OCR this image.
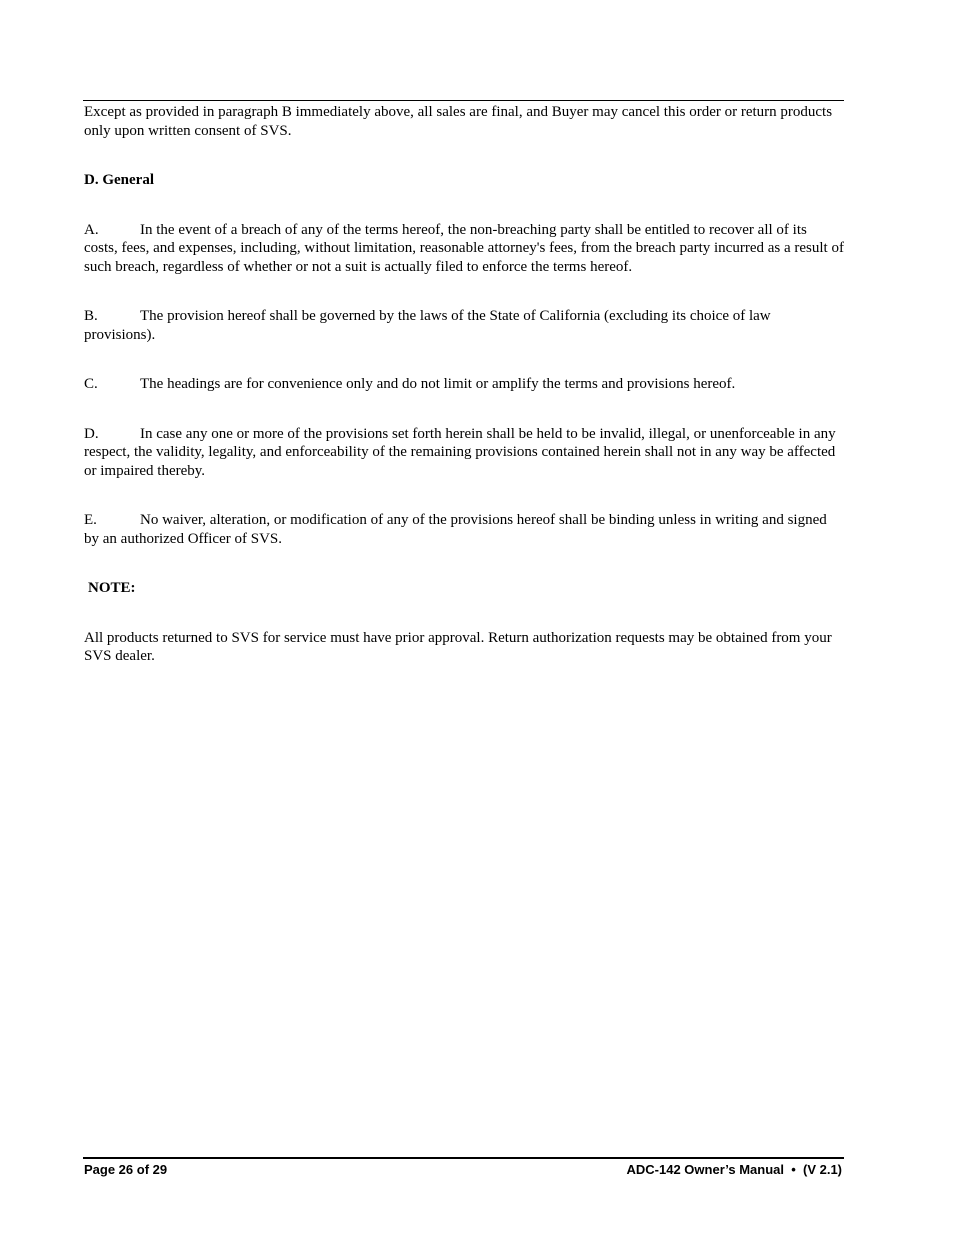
Except as provided in paragraph B immediately above, all sales are final, and Buyer may cancel this order or return products only upon written consent of SVS.

D. General

A.	In the event of a breach of any of the terms hereof, the non-breaching party shall be entitled to recover all of its costs, fees, and expenses, including, without limitation, reasonable attorney's fees, from the breach party incurred as a result of such breach, regardless of whether or not a suit is actually filed to enforce the terms hereof.

B.	The provision hereof shall be governed by the laws of the State of California (excluding its choice of law provisions).

C.	The headings are for convenience only and do not limit or amplify the terms and provisions hereof.

D.	In case any one or more of the provisions set forth herein shall be held to be invalid, illegal, or unenforceable in any respect, the validity, legality, and enforceability of the remaining provisions contained herein shall not in any way be affected or impaired thereby.

E.	No waiver, alteration, or modification of any of the provisions hereof shall be binding unless in writing and signed by an authorized Officer of SVS.

NOTE:

All products returned to SVS for service must have prior approval. Return authorization requests may be obtained from your SVS dealer.

Page 26 of 29	ADC-142 Owner’s Manual  •  (V 2.1)
